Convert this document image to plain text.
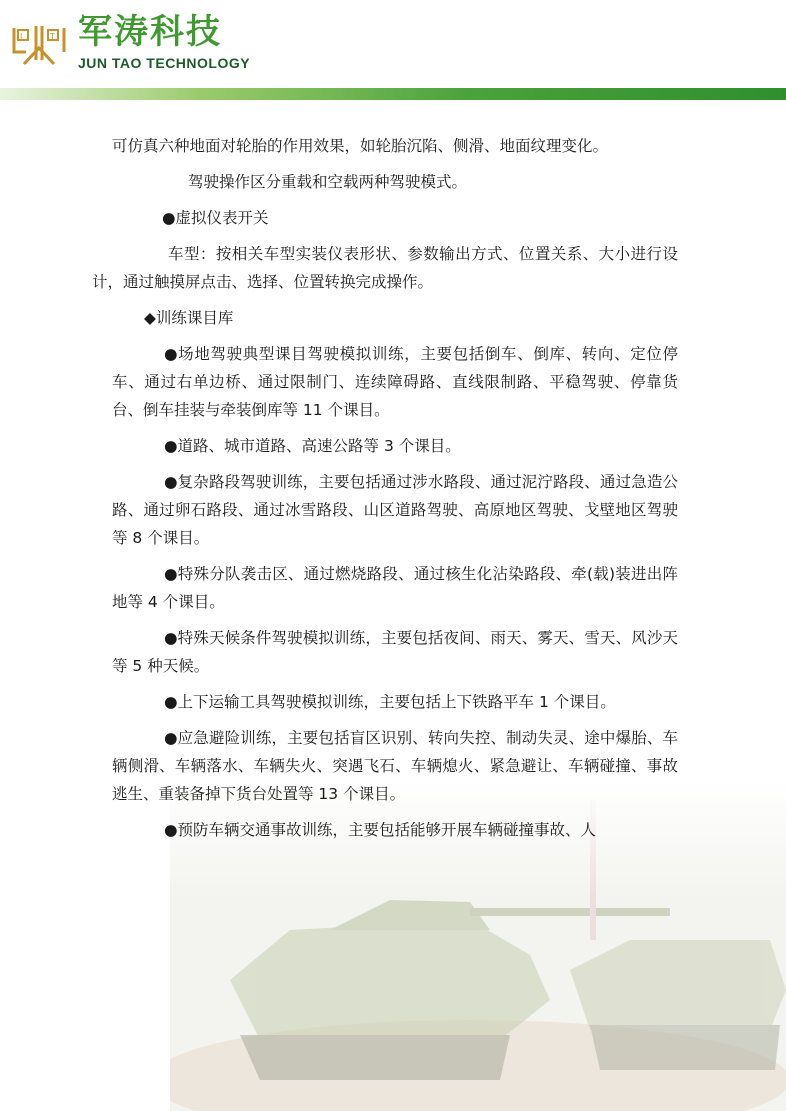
J	T 军涛科技
JUN TAO TECHNOLOGY

可仿真六种地面对轮胎的作用效果，如轮胎沉陷、侧滑、地面纹理变化。

驾驶操作区分重载和空载两种驾驶模式。

●虚拟仪表开关

车型：按相关车型实装仪表形状、参数输出方式、位置关系、大小进行设计，通过触摸屏点击、选择、位置转换完成操作。

◆训练课目库

●场地驾驶典型课目驾驶模拟训练，主要包括倒车、倒库、转向、定位停车、通过右单边桥、通过限制门、连续障碍路、直线限制路、平稳驾驶、停靠货台、倒车挂装与牵装倒库等 11 个课目。

●道路、城市道路、高速公路等 3 个课目。

●复杂路段驾驶训练，主要包括通过涉水路段、通过泥泞路段、通过急造公路、通过卵石路段、通过冰雪路段、山区道路驾驶、高原地区驾驶、戈壁地区驾驶等 8 个课目。

●特殊分队袭击区、通过燃烧路段、通过核生化沾染路段、牵(载)装进出阵地等 4 个课目。

●特殊天候条件驾驶模拟训练，主要包括夜间、雨天、雾天、雪天、风沙天等 5 种天候。

●上下运输工具驾驶模拟训练，主要包括上下铁路平车 1 个课目。

●应急避险训练，主要包括盲区识别、转向失控、制动失灵、途中爆胎、车辆侧滑、车辆落水、车辆失火、突遇飞石、车辆熄火、紧急避让、车辆碰撞、事故逃生、重装备掉下货台处置等 13 个课目。

●预防车辆交通事故训练，主要包括能够开展车辆碰撞事故、人
